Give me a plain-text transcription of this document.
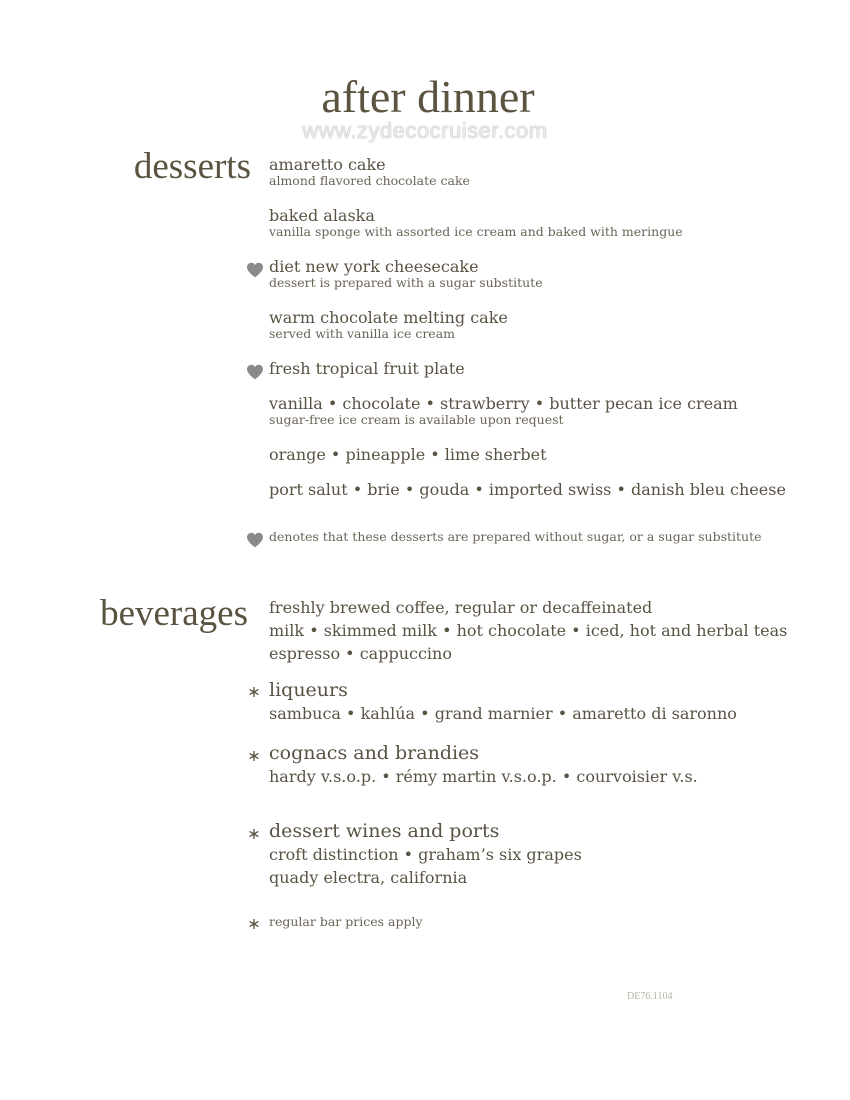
after dinner
www.zydecocruiser.com
desserts amaretto cake
almond flavored chocolate cake
baked alaska
vanilla sponge with assorted ice cream and baked with meringue
diet new york cheesecake
dessert is prepared with a sugar substitute
warm chocolate melting cake
served with vanilla ice cream
fresh tropical fruit plate
vanilla • chocolate • strawberry • butter pecan ice cream
sugar-free ice cream is available upon request
orange • pineapple • lime sherbet
port salut • brie • gouda • imported swiss • danish bleu cheese
denotes that these desserts are prepared without sugar, or a sugar substitute
beverages freshly brewed coffee, regular or decaffeinated
milk • skimmed milk • hot chocolate • iced, hot and herbal teas
espresso • cappuccino
∗ liqueurs
sambuca • kahlúa • grand marnier • amaretto di saronno
∗ cognacs and brandies
hardy v.s.o.p. • rémy martin v.s.o.p. • courvoisier v.s.
∗ dessert wines and ports
croft distinction • graham’s six grapes
quady electra, california
∗ regular bar prices apply
DE76.1104
